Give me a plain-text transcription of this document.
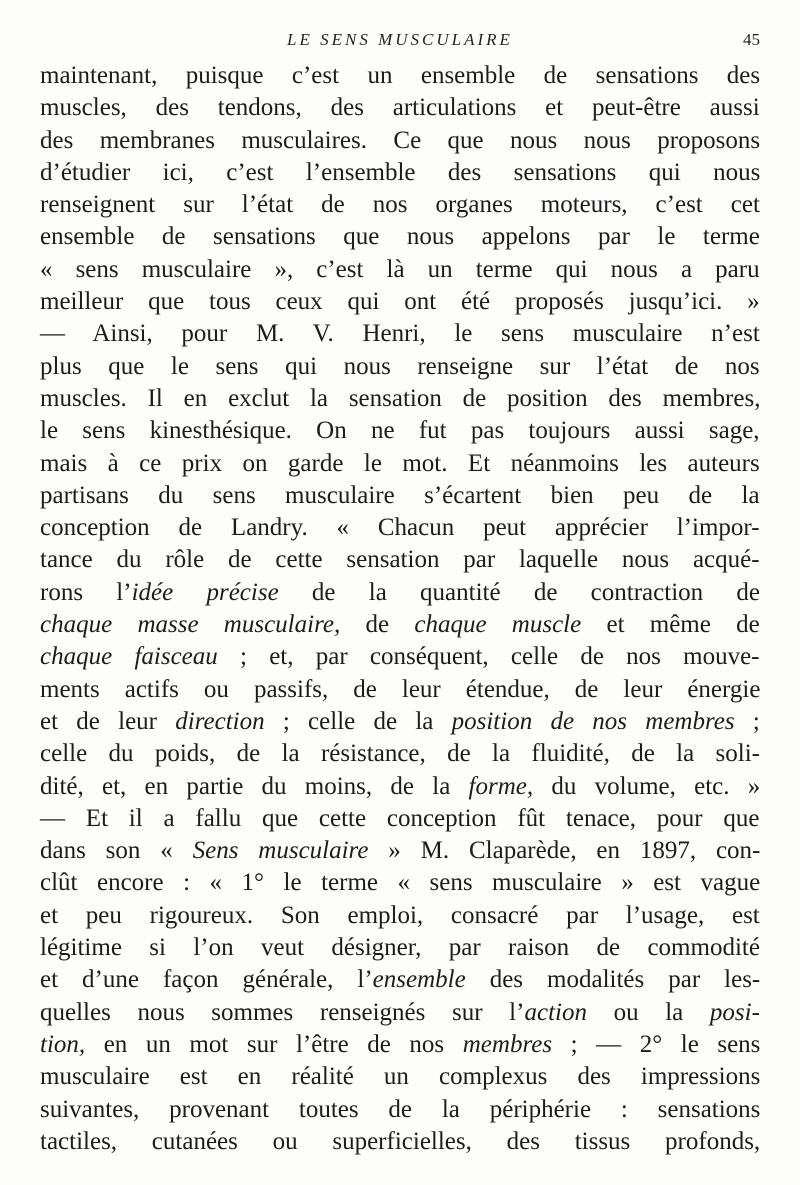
LE SENS MUSCULAIRE	45
maintenant, puisque c’est un ensemble de sensations des
muscles, des tendons, des articulations et peut-être aussi
des membranes musculaires. Ce que nous nous proposons
d’étudier ici, c’est l’ensemble des sensations qui nous
renseignent sur l’état de nos organes moteurs, c’est cet
ensemble de sensations que nous appelons par le terme
« sens musculaire », c’est là un terme qui nous a paru
meilleur que tous ceux qui ont été proposés jusqu’ici. »
— Ainsi, pour M. V. Henri, le sens musculaire n’est
plus que le sens qui nous renseigne sur l’état de nos
muscles. Il en exclut la sensation de position des membres,
le sens kinesthésique. On ne fut pas toujours aussi sage,
mais à ce prix on garde le mot. Et néanmoins les auteurs
partisans du sens musculaire s’écartent bien peu de la
conception de Landry. « Chacun peut apprécier l’impor-
tance du rôle de cette sensation par laquelle nous acqué-
rons l’idée précise de la quantité de contraction de
chaque masse musculaire, de chaque muscle et même de
chaque faisceau ; et, par conséquent, celle de nos mouve-
ments actifs ou passifs, de leur étendue, de leur énergie
et de leur direction ; celle de la position de nos membres ;
celle du poids, de la résistance, de la fluidité, de la soli-
dité, et, en partie du moins, de la forme, du volume, etc. »
— Et il a fallu que cette conception fût tenace, pour que
dans son « Sens musculaire » M. Claparède, en 1897, con-
clût encore : « 1° le terme « sens musculaire » est vague
et peu rigoureux. Son emploi, consacré par l’usage, est
légitime si l’on veut désigner, par raison de commodité
et d’une façon générale, l’ensemble des modalités par les-
quelles nous sommes renseignés sur l’action ou la posi-
tion, en un mot sur l’être de nos membres ; — 2° le sens
musculaire est en réalité un complexus des impressions
suivantes, provenant toutes de la périphérie : sensations
tactiles, cutanées ou superficielles, des tissus profonds,
